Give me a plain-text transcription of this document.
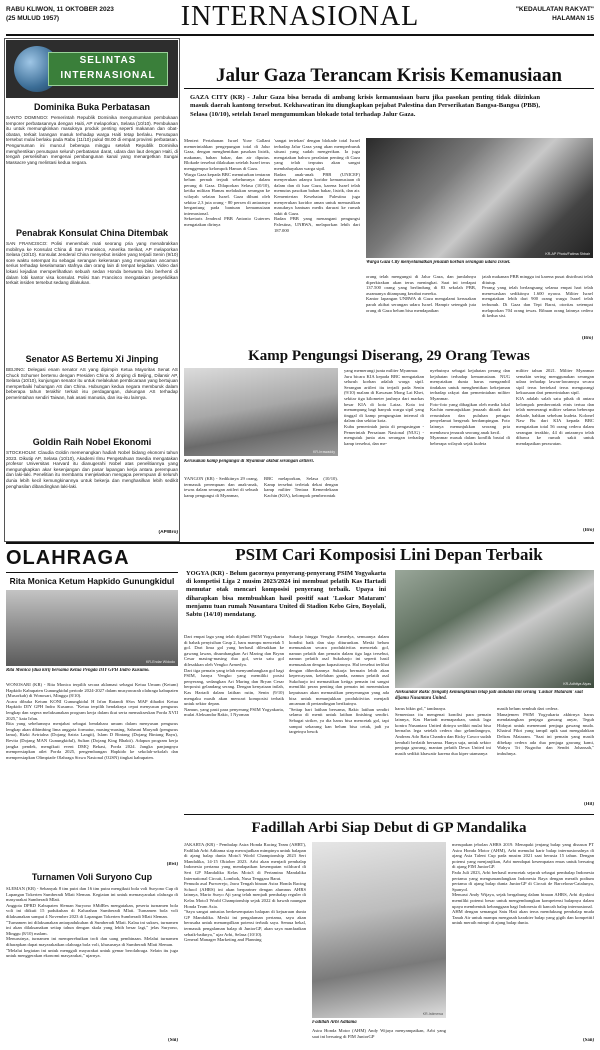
RABU KLIWON, 11 OKTOBER 2023
(25 MULUD 1957)	INTERNASIONAL	"KEDAULATAN RAKYAT"
HALAMAN 15
SELINTAS
INTERNASIONAL
Dominika Buka Perbatasan
SANTO DOMINGO: Pemerintah Republik Dominika mengumumkan pembukaan temporer perbatasannya dengan Haiti, AP melaporkan, Selasa (10/10). Pembukaan itu untuk memungkinkan masuknya produk penting seperti makanan dan obat-obatan, terkait larangan masuk terhadap warga Haiti tetap berlaku. Penutupan tersebut mulai berlaku pada Rabu (11/10) pukul 08.00 di empat provinsi perbatasan. Pengumuman ini muncul beberapa minggu setelah Republik Dominika menghentikan penutupan seluruh perbatasan darat, udara dan laut dengan Haiti, di tengah perselisihan mengenai pembangunan kanal yang menargetkan Sungai Massacre yang melintasi kedua negara.
Penabrak Konsulat China Ditembak
SAN FRANCISCO: Polisi menembak mati seorang pria yang menabrakkan mobilnya ke Konsulat China di San Fransisco, Amerika Serikat, AP melaporkan Selasa (10/10). Konsulat Jenderal China menyebut insiden yang terjadi Senin (9/10) sore waktu setempat itu sebagai serangan kekerasan yang merupakan ancaman serius terhadap keselamatan stafnya dan orang lain di tempat kejadian. Video dari lokasi kejadian memperlihatkan sebuah sedan Honda berwarna biru berhenti di dalam lobi kantor visa konsulat. Polisi San Francisco mengatakan penyelidikan terkait insiden tersebut sedang dilakukan.
Senator AS Bertemu Xi Jinping
BEIJING: Delegasi enam senator AS yang dipimpin Ketua Mayoritas Senat AS Chuck Schumer bertemu dengan Presiden China Xi Jinping di Beijing, Dilansir AP, Selasa (10/10), kunjungan senator itu untuk melakukan pembicaraan yang bertujuan memperbaiki hubungan AS dan China. Hubungan kedua negara memburuk dalam beberapa tahun terakhir terkait isu perdagangan, dukungan AS terhadap pemerintahan sendiri Taiwan, hak asasi manusia, dan isu-isu lainnya.
Goldin Raih Nobel Ekonomi
STOCKHOLM: Claudia Goldin memenangkan hadiah Nobel bidang ekonomi tahun 2023. Dikutip AP, Selasa (10/10), Akademi Ilmu Pengetahuan Swedia mengatakan profesor Universitas Harvard itu dianugerahi Nobel atas penelitiannya yang mengungkapkan akar kesenjangan dan pasar lapangan kerja antara perempuan dan laki-laki. Penelitian itu membantu menjelaskan mengapa perempuan di seluruh dunia lebih kecil kemungkinannya untuk bekerja dan menghasilkan lebih sedikit penghasilan dibandingkan laki-laki.
(AP/Bro)
Jalur Gaza Terancam Krisis Kemanusiaan
GAZA CITY (KR) - Jalur Gaza bisa berada di ambang krisis kemanusiaan baru jika pasokan penting tidak diizinkan masuk daerah kantong tersebut. Kekhawatiran itu diungkapkan pejabat Palestina dan Perserikatan Bangsa-Bangsa (PBB), Selasa (10/10), setelah Israel mengumumkan blokade total terhadap Jalur Gaza.
Menteri Pertahanan Israel Yoav Gallant memerintahkan pengepungan total di Jalur Gaza, dengan menghentikan pasokan listrik, makanan, bahan bakar, dan air diputus. Blokade tersebut dilakukan setelah Israel terus menggempur kelompok Hamas di Gaza.
Warga Gaza kepada BBC menuturkan tentaran belum pernah terjadi sebelumnya dalam perang di Gaza. Dilaporkan Selasa (10/10), ketika militan Hamas melakukan serangan ke wilayah selatan Israel. Gaza dihuni oleh sekitar 2,3 juta orang - 80 persen di antaranya bergantung pada bantuan kemanusiaan internasional.
Sekretaris Jenderal PBB Antonio Guterres mengatakan dirinya
'sangat tertekan' dengan blokade total Israel terhadap Jalur Gaza yang akan memperburuk situasi yang sudah mengerikan. Ia juga mengatakan bahwa peralatan penting di Gaza yang telah terputus akan sangat membahayakan warga sipil.
Badan anak-anak PBB (UNICEF) menyerukan adanya koridor kemanusiaan di dalam dan di luar Gaza, karena Israel telah memutus pasokan bahan bakar, listrik, dan air. Kementerian Kesehatan Palestina juga menyerukan koridor aman untuk memastikan masuknya bantuan medis darurat ke rumah sakit di Gaza.
Badan PBB yang menangani pengungsi Palestina, UNRWA, melaporkan lebih dari 187.000
KR-AP Photo/Fatima Shbair
Warga Gaza City menyelamatkan jenazah korban serangan udara Israel.
orang telah mengungsi di Jalur Gaza, dan jumlahnya diperkirakan akan terus meningkat. Saat ini terdapat 137.500 orang yang berlindung di 83 sekolah PBB, asramanya ditampung kerabat mereka.
Kantor lapangan UNRWA di Gaza mengalami kerusakan parah akibat serangan udara Israel. Hampir setengah juta orang di Gaza belum bisa mendapatkan
jatah makanan PBB minggu ini karena pusat distribusi telah ditutup.
Perang yang telah berlangsung selama empat hari telah menewaskan sedikitnya 1.600 nyawa. Militer Israel mengatakan lebih dari 900 orang warga Israel telah terbunuh. Di Gaza dan Tepi Barat, otoritas setempat melaporkan 704 orang tewas. Ribuan orang lainnya cedera di kedua sisi.
(Bro)
Kamp Pengungsi Diserang, 29 Orang Tewas
KR-Irrawaddy
Kerusakan kamp pengungsi di Myanmar akibat serangan artileri.
YANGON (KR) - Sedikitnya 29 orang, termasuk perempuan dan anak-anak, tewas dalam serangan artileri di sebuah kamp pengungsi di Myanmar,
BBC melaporkan, Selasa (10/10). Kamp tersebut terletak dekat dengan kamp militer Tentara Kemerdekaan Kachin (KIA), kelompok pemberontak
yang memerangi junta militer Myanmar.
Juru bicara KIA kepada BBC mengatakan seluruh korban adalah warga sipil. Serangan artileri itu terjadi pada Senin (9/10) malam di Kawasan Mong Lai Khet, sekitar tiga kilometer jauhnya dari markas besar KIA di kota Laiza. Kota ini menampung bagi banyak warga sipil yang tinggal di kamp pengungsian internal di dalam dan sekitar kota.
Kubu pemerintah junta di pengasingan - Pemerintah Persatuan Nasional (NUG) - mengutuk junta atas serangan terhadap kamp tersebut, dan me-
nyebutnya sebagai kejahatan perang dan kejahatan terhadap kemanusiaan. NUG menyatakan dunia harus mengambil tindakan untuk menghentikan kekejaman terhadap rakyat dan pemerintahan militer Myanmar.
Foto-foto yang dibagikan oleh media lokal Kachin menunjukkan jenazah ditarik dari reruntuhan dan puluhan petugas penyelamat bergerak berdampingan. Foto lainnya menunjukkan seorang pria membawa jenazah seorang anak kecil.
Myanmar masuk dalam konflik brutal di beberapa wilayah sejak kudeta
militer tahun 2021. Militer Myanmar semakin sering menggunakan serangan udara terhadap lawan-lawannya secara sipil terus bertekad terus mengurangi kekuasaan dari pemerintahan sipil.
KIA adalah salah satu pihak di antara kelompok pemberontak etnis tertua dan telah memerangi militer selama beberapa dekade, bahkan sebelum kudeta. Kolonel Naw Bu dari KIA kepada BBC mengatakan total 56 orang cedera dalam serangan terakhir, 44 di antaranya telah dibawa ke rumah sakit untuk mendapatkan perawatan.
(Bro)
OLAHRAGA
Rita Monica Ketum Hapkido Gunungkidul
KR-Endar Widodo
Rita Monica (dua kiri) bersama Ketua Pengda DIY GPH Indro Kusumo.
WONOSARI (KR) - Rita Monica terpilih secara aklamasi sebagai Ketua Umum (Ketum) Hapkido Kabupaten Gunungkidul periode 2024-2027 dalam musyawarah olahraga kabupaten (Musorkab) di Wonosari, Minggu (8/10).
Acara dibuka Ketum KONI Gunungkidul H Irfan Ratandi SSos MAP dihadiri Ketua Hapkido DIY GPH Indro Kusumo. "Ketua terpilih hendaknya cepat menyusun pengurus lengkap dan segera melaksanakan program kerja dalam ikut serta mensukseskan Porda XVII 2025," kata Irfan.
Rita yang sebelumnya menjabat sebagai bendahara umum dalam menyusun pengurus lengkap akan dibimbing lima anggota formatur, masing-masing, Sahruni Maryadi (pengurus lama), Rizki Avtrialna (Dojang Satria Langit), Islam D Bintang (Dojang Bintang Bayu), Revita (Dojang MAN Gunungkidul), Sultan (Dojang King Bhakti). Adapun program kerja jangka pendek, mengikuti event DMQ Bekasi, Porda 2024. Jangka panjangnya mempersiapkan atlet Porda 2025, pengembangan Hapkido ke sekolah-sekolah dan mempersiapkan Olimpiade Olahraga Siswa Nasional (O2SN) tingkat kabupaten.
(Bwi)
Turnamen Voli Suryono Cup
SLEMAN (KR) - Sebanyak 8 tim putri dan 16 tim putra mengikuti bola voli Suryono Cup di Lapangan Tokerten Sumberadi Mlati Sleman. Kegiatan ini untuk memasyarakat olahraga di masyarakat Sumberadi Mlati.
Anggota DPRD Kabupaten Sleman Suryono SMdRes mengatakan, peserta turnamen bola voli ini diikuti 15 padukuhan di Kalurahan Sumberadi Mlati. Turnamen bola voli dilaksanakan sampai 4 November 2023 di Lapangan Tokerten Sumberadi Mlati Sleman.
"Turnamen ini dilaksanakan antarpadukuhan di Sumberadi Mlati. Kalau ini sukses, turnamen ini akan dilaksanakan setiap tahun dengan skala yang lebih besar lagi," jelas Suryono, Minggu (8/10) malam.
Menurutnya, turnamen ini memperebutkan trofi dan uang pembinaan. Melalui turnamen diharapkan dapat mayarakatkan olahraga bola voli, khususnya di Sumberadi Mlati Sleman.
"Melalui kegiatan ini untuk menggali mayarakat untuk gemar berolahraga. Selain itu juga untuk menggerakan ekonomi masyarakat," ujarnya.
(Sni)
PSIM Cari Komposisi Lini Depan Terbaik
YOGYA (KR) - Belum gacornya penyerang-penyerang PSIM Yogyakarta di kompetisi Liga 2 musim 2023/2024 ini membuat pelatih Kas Hartadi memutar otak mencari komposisi penyerang terbaik. Upaya ini diharapkan bisa membuahkan hasil positif saat 'Laskar Mataram' menjamu tuan rumah Nusantara United di Stadion Kebo Giro, Boyolali, Sabtu (14/10) mendatang.
Dari empat laga yang telah dijalani PSIM Yogyakarta di babak penyisihan Grup 2, baru mampu mencetak 5 gol. Dari lima gol yang berhasil dilesakkan ke gawang lawan, disumbangkan Ari Maring dan Bryan Cesar masing-masing dua gol, serta satu gol dilesakkan oleh Vengko Armedya.
Dari tiga pemain yang telah menyumbangkan gol bagi PSIM, hanya Vengko yang memiliki posisi penyerang, sedangkan Ari Maring dan Bryan Cesar berposisi gelandang serang. Dengan kenyataan inilah, Kas Hartadi dalam latihan rutin, Senin (9/10) mengaku masih akan mencari komposisi terbaik untuk sektor depan.
Namun, yang pasti para penyerang PSIM Yogyakarta, mulai Aleksandar Rakic, I Nyoman
Sukarja hingga Vengko Armedya, semuanya dalam kondisi baik dan siap diturunkan. Meski belum memuaskan secara produktivitas mencetak gol, namun pelatih dan pemain dalam tiga laga tersebut, namun pelatih asal Sukoharjo ini seperti hasil memuaskan dengan kapasitasnya. Hal tersebut terlihat dengan diberikannya Sukarja bermain lebih akan kepercayaan, kelelahan ganda, namun pelatih asal Sukoharjo ini memastikan ketiga pemain ini sangat memiliki peran penting dan pemain ini menentukan keputusan akan memastikan penyerangan yang ada bisa untuk menunjukkan produktivitas menjadi ancaman di pertandingan berikutnya.
"Setiap hari latihan bersama, Rakic latihan sendiri selama di menit untuk latihan finishing sendiri. Sebagai striker, ya dia harus bisa mencetak gol, tapi sampai sekarang kan belum bisa cetak, jadi ya targetnya besok
KR-Adhitya Aiyas
Aleksandar Rakic (tengah) kemungkinan tetap jadi andalan lini serang 'Laskar Mataram' saat dijamu Nusantara United.
harus bikin gol," tandasnya.
Sementara itu mengenai kondisi para pemain lainnya, Kas Hartadi memaparkan, untuk laga kontra Nusantara United dirinya sedikit mulai bisa bernafas lega setelah cedera duo gelandangnya, Andreas Ado Ratu Chandra dan Ricky Cawor sudah kembali berlatih bersama. Hanya saja, untuk sektor penjaga gawang, mantan pelatih Dewa United ini masih sedikit khawatir karena dua kiper utamanya
masih belum sembuh dari cedera.
Manajemen PSIM Yogyakarta akhirnya harus mendatangkan penjaga gawang anyar, Teguh Hidayat untuk menemani penjaga gawang muda. Khairul Fikri yang tampil apik saat mengalahkan Deltras Mataram. "Saat ini pemain yang masih dibekap cedera ada dua penjaga gawang kami, Wahyu Tri Nugroho dan Sendri Johansah," imbuhnya.
(Hit)
Fadillah Arbi Siap Debut di GP Mandalika
JAKARTA (KR) - Pembalap Astra Honda Racing Team (AHRT), Fadillah Arbi Aditama siap mewujudkan mimpinya untuk balapan di ajang balap dunia Moto3 World Championship 2023 Seri Mandalika, 14-15 Oktober 2023. Arbi akan menjadi pembalap Indonesia pertama yang mendapatkan kesempatan wildcard di Seri GP Mandalika Kelas Moto3 di Pertamina Mandalika International Circuit, Lombok, Nusa Tenggara Barat.
Pemuda asal Purwerejo, Jawa Tengah binaan Astra Honda Racing School (AHRS) ini akan berpartner dengan alumnus AHRS lainnya, Mario Suryo Aji yang telah menjadi pembalap reguler di Kelas Moto3 World Championship sejak 2022 di bawah naungan Honda Team Asia.
"Saya sangat antusias berkesempatan balapan di kejuaraan dunia GP Mandalika. Meski ini pengalaman pertama, saya akan berusaha untuk menampilkan potensi terbaik saya. Semua bekal, termasuk pengalaman balap di JuniorGP, akan saya manfaatkan sebaik-baiknya," ujar Arbi, Selasa (10/10).
General Manager Marketing and Planning
KR-Istimewa
Fadillah Arbi Aditama
Astra Honda Motor (AHM) Andy Wijaya menyampaikan, Arbi yang saat ini bersaing di FIM JuniorGP
merupakan jebolan AHRS 2019. Menapaki jenjang balap yang disusun PT Astra Honda Motor (AHM), Arbi memulai karir balap internasionalnya di ajang Asia Talent Cup pada musim 2021 saat berusia 15 tahun. Dengan potensi yang menjanjikan, Arbi mendapat kesempatan emas untuk bersaing di ajang FIM JuniorGP.
Pada Juli 2023, Arbi berhasil mencetak sejarah sebagai pembalap Indonesia pertama yang mengumandangkan Indonesia Raya dengan meraih podium pertama di ajang balap dunia JuniorGP di Circuit de Barcelona-Catalunya, Spanyol.
Menurut Andy Wijaya, sejak bergabung dalam binaan AHRS, Arbi diyakini memiliki potensi besar untuk mengembangkan kompetensi balapnya dalam upaya membentuk kebanggaan bagi Indonesia di kancah balap internasional.
AHM dengan semangat Satu Hati akan terus mendukung pembalap muda Tanah Air untuk mampu mengasah karakter balap yang gigih dan kompetitif untuk meraih mimpi di ajang balap dunia.
(San)
